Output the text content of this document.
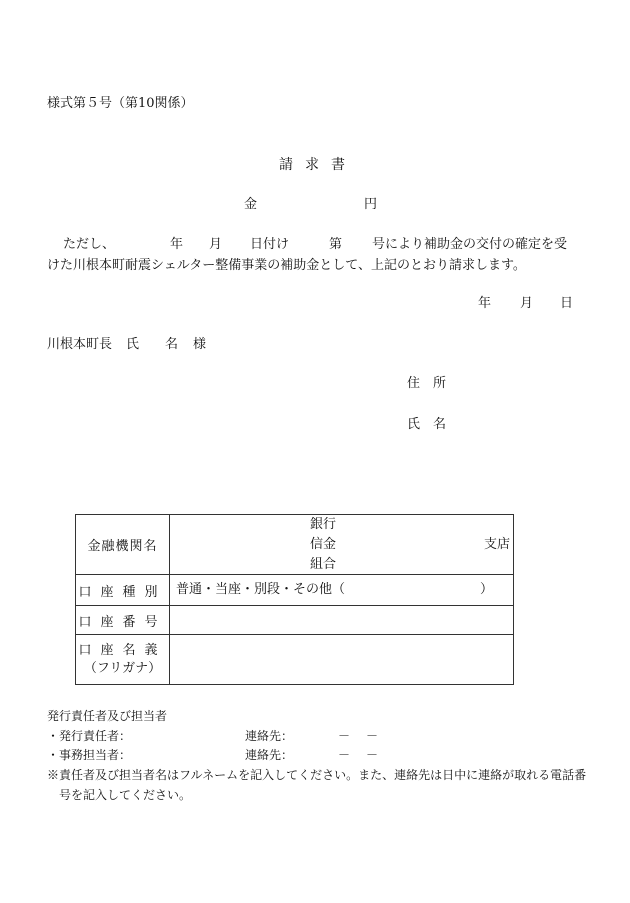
様式第５号（第10関係）
請求書
金	円
ただし、	年 月 日付け	第 号により補助金の交付の確定を受
けた川根本町耐震シェルター整備事業の補助金として、上記のとおり請求します。
年 月 日
川根本町長 氏　　名 様
住　所
氏　名
金融機関名	銀行
信金
組合
支店

口座種別	普通・当座・別段・その他（ ）

口座番号	

口座名義
（フリガナ）	

発行責任者及び担当者
・発行責任者：	連絡先：	－ －
・事務担当者：	連絡先：	－ －
※責任者及び担当者名はフルネームを記入してください。また、連絡先は日中に連絡が取れる電話番
号を記入してください。
